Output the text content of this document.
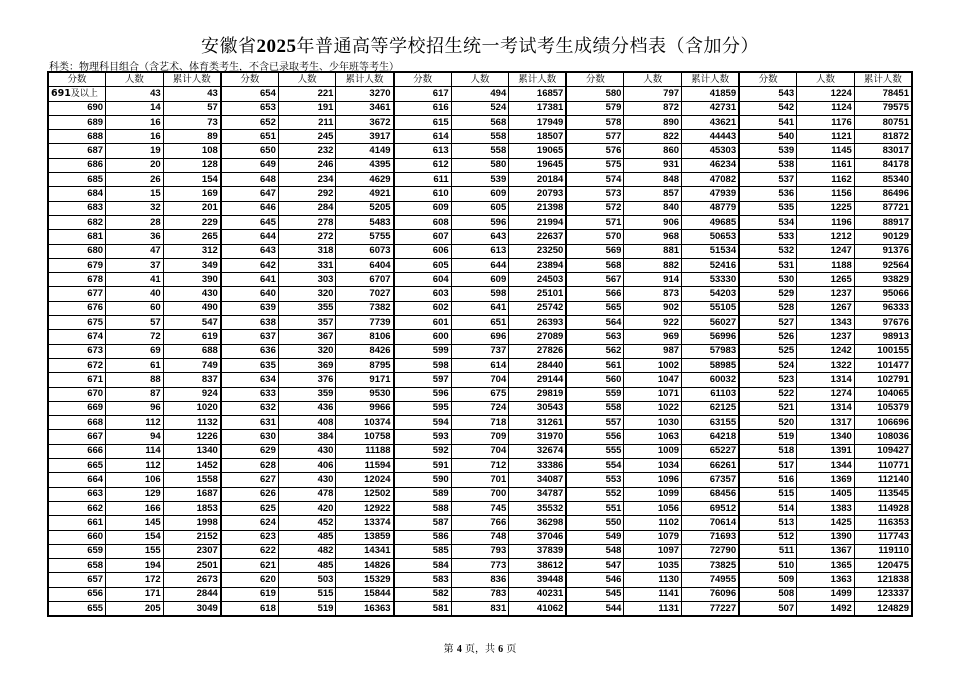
安徽省2025年普通高等学校招生统一考试考生成绩分档表（含加分）
科类：物理科目组合（含艺术、体育类考生，不含已录取考生、少年班等考生）
分数	人数	累计人数	分数	人数	累计人数	分数	人数	累计人数	分数	人数	累计人数	分数	人数	累计人数
691及以上	43	43	654	221	3270	617	494	16857	580	797	41859	543	1224	78451
690	14	57	653	191	3461	616	524	17381	579	872	42731	542	1124	79575
689	16	73	652	211	3672	615	568	17949	578	890	43621	541	1176	80751
688	16	89	651	245	3917	614	558	18507	577	822	44443	540	1121	81872
687	19	108	650	232	4149	613	558	19065	576	860	45303	539	1145	83017
686	20	128	649	246	4395	612	580	19645	575	931	46234	538	1161	84178
685	26	154	648	234	4629	611	539	20184	574	848	47082	537	1162	85340
684	15	169	647	292	4921	610	609	20793	573	857	47939	536	1156	86496
683	32	201	646	284	5205	609	605	21398	572	840	48779	535	1225	87721
682	28	229	645	278	5483	608	596	21994	571	906	49685	534	1196	88917
681	36	265	644	272	5755	607	643	22637	570	968	50653	533	1212	90129
680	47	312	643	318	6073	606	613	23250	569	881	51534	532	1247	91376
679	37	349	642	331	6404	605	644	23894	568	882	52416	531	1188	92564
678	41	390	641	303	6707	604	609	24503	567	914	53330	530	1265	93829
677	40	430	640	320	7027	603	598	25101	566	873	54203	529	1237	95066
676	60	490	639	355	7382	602	641	25742	565	902	55105	528	1267	96333
675	57	547	638	357	7739	601	651	26393	564	922	56027	527	1343	97676
674	72	619	637	367	8106	600	696	27089	563	969	56996	526	1237	98913
673	69	688	636	320	8426	599	737	27826	562	987	57983	525	1242	100155
672	61	749	635	369	8795	598	614	28440	561	1002	58985	524	1322	101477
671	88	837	634	376	9171	597	704	29144	560	1047	60032	523	1314	102791
670	87	924	633	359	9530	596	675	29819	559	1071	61103	522	1274	104065
669	96	1020	632	436	9966	595	724	30543	558	1022	62125	521	1314	105379
668	112	1132	631	408	10374	594	718	31261	557	1030	63155	520	1317	106696
667	94	1226	630	384	10758	593	709	31970	556	1063	64218	519	1340	108036
666	114	1340	629	430	11188	592	704	32674	555	1009	65227	518	1391	109427
665	112	1452	628	406	11594	591	712	33386	554	1034	66261	517	1344	110771
664	106	1558	627	430	12024	590	701	34087	553	1096	67357	516	1369	112140
663	129	1687	626	478	12502	589	700	34787	552	1099	68456	515	1405	113545
662	166	1853	625	420	12922	588	745	35532	551	1056	69512	514	1383	114928
661	145	1998	624	452	13374	587	766	36298	550	1102	70614	513	1425	116353
660	154	2152	623	485	13859	586	748	37046	549	1079	71693	512	1390	117743
659	155	2307	622	482	14341	585	793	37839	548	1097	72790	511	1367	119110
658	194	2501	621	485	14826	584	773	38612	547	1035	73825	510	1365	120475
657	172	2673	620	503	15329	583	836	39448	546	1130	74955	509	1363	121838
656	171	2844	619	515	15844	582	783	40231	545	1141	76096	508	1499	123337
655	205	3049	618	519	16363	581	831	41062	544	1131	77227	507	1492	124829
第 4 页，共 6 页
